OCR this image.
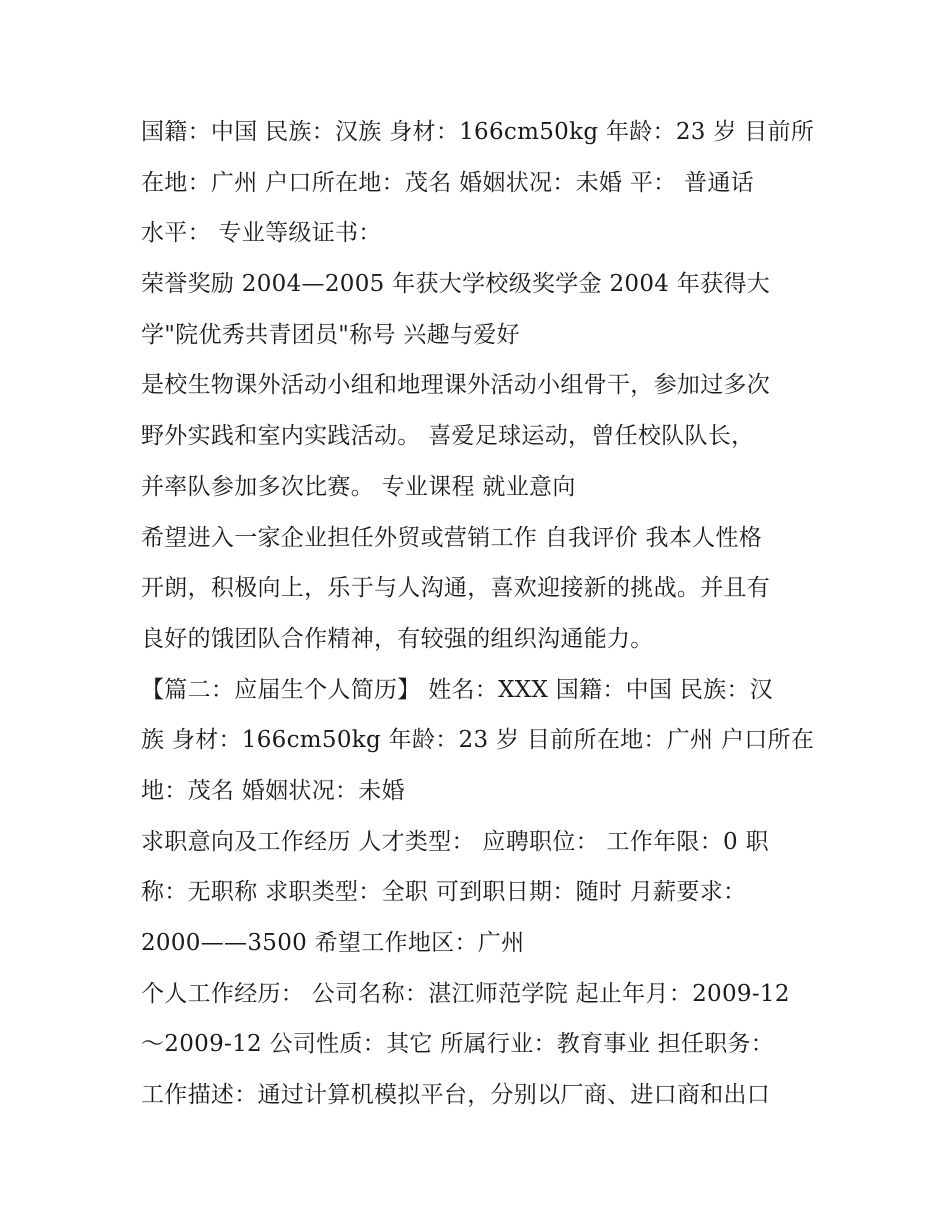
国籍：中国 民族：汉族 身材：166cm50kg 年龄：23 岁 目前所
在地：广州 户口所在地：茂名 婚姻状况：未婚 平： 普通话
水平： 专业等级证书：
荣誉奖励 2004—2005 年获大学校级奖学金 2004 年获得大
学"院优秀共青团员"称号 兴趣与爱好
是校生物课外活动小组和地理课外活动小组骨干，参加过多次
野外实践和室内实践活动。 喜爱足球运动，曾任校队队长，
并率队参加多次比赛。 专业课程 就业意向
希望进入一家企业担任外贸或营销工作 自我评价 我本人性格
开朗，积极向上，乐于与人沟通，喜欢迎接新的挑战。并且有
良好的饿团队合作精神，有较强的组织沟通能力。
【篇二：应届生个人简历】 姓名：XXX 国籍：中国 民族：汉
族 身材：166cm50kg 年龄：23 岁 目前所在地：广州 户口所在
地：茂名 婚姻状况：未婚
求职意向及工作经历 人才类型： 应聘职位： 工作年限：0 职
称：无职称 求职类型：全职 可到职日期：随时 月薪要求：
2000——3500 希望工作地区：广州
个人工作经历： 公司名称：湛江师范学院 起止年月：2009-12
～2009-12 公司性质：其它 所属行业：教育事业 担任职务：
工作描述：通过计算机模拟平台，分别以厂商、进口商和出口
